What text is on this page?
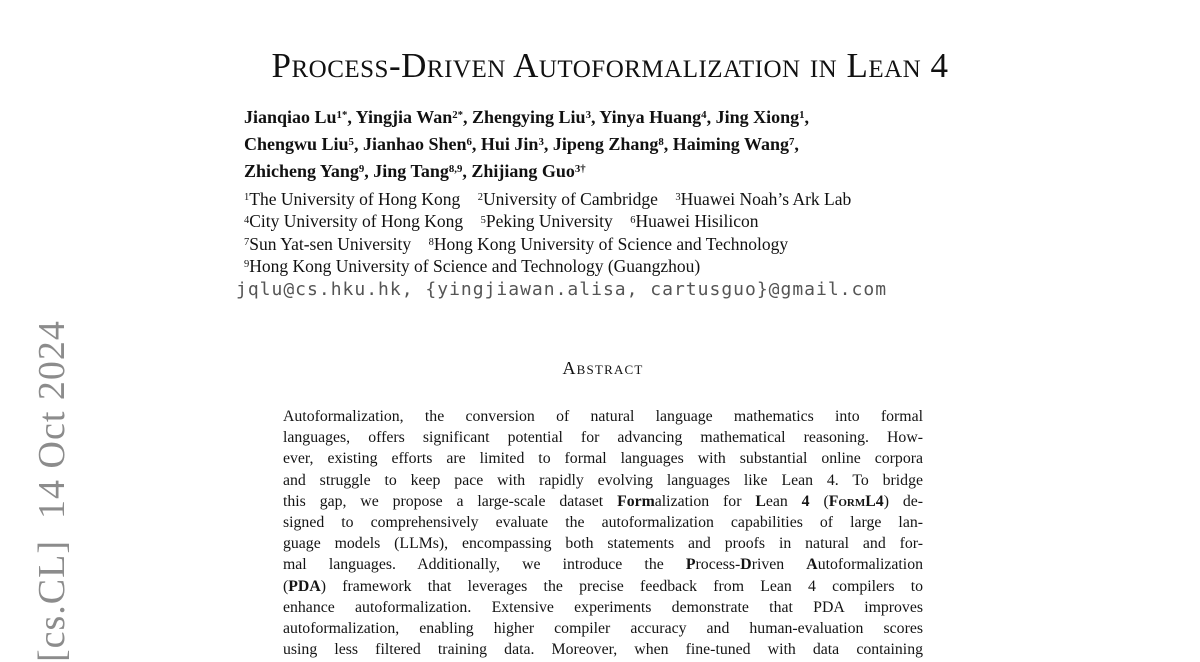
[cs.CL]  14 Oct 2024
Process-Driven Autoformalization in Lean 4
Jianqiao $Lu^{1*}$, Yingjia Wan$^{2*}$, Zhengying Liu$^3$, Yinya Huang$^4$, Jing Xiong$^1$,
Chengwu Liu$^5$, Jianhao Shen$^6$, Hui Jin$^3$, Jipeng Zhang$^8$, Haiming Wang$^7$,
Zhicheng Yang$^9$, Jing Tang$^{8,9}$, Zhijiang Guo$^{3\dagger}$
$^1$The University of Hong Kong $^2$University of Cambridge $^3$Huawei Noah’s Ark Lab
$^4$City University of Hong Kong $^5$Peking University $^6$Huawei Hisilicon
$^7$Sun Yat-sen University $^8$Hong Kong University of Science and Technology
$^9$Hong Kong University of Science and Technology (Guangzhou)
jqlu@cs.hku.hk, {yingjiawan.alisa, cartusguo}@gmail.com
Abstract
Autoformalization, the conversion of natural language mathematics into formal
languages, offers significant potential for advancing mathematical reasoning. How-
ever, existing efforts are limited to formal languages with substantial online corpora
and struggle to keep pace with rapidly evolving languages like Lean 4. To bridge
this gap, we propose a large-scale dataset Formalization for Lean 4 (FormL4) de-
signed to comprehensively evaluate the autoformalization capabilities of large lan-
guage models (LLMs), encompassing both statements and proofs in natural and for-
mal languages. Additionally, we introduce the Process-Driven Autoformalization
(PDA) framework that leverages the precise feedback from Lean 4 compilers to
enhance autoformalization. Extensive experiments demonstrate that PDA improves
autoformalization, enabling higher compiler accuracy and human-evaluation scores
using less filtered training data. Moreover, when fine-tuned with data containing
